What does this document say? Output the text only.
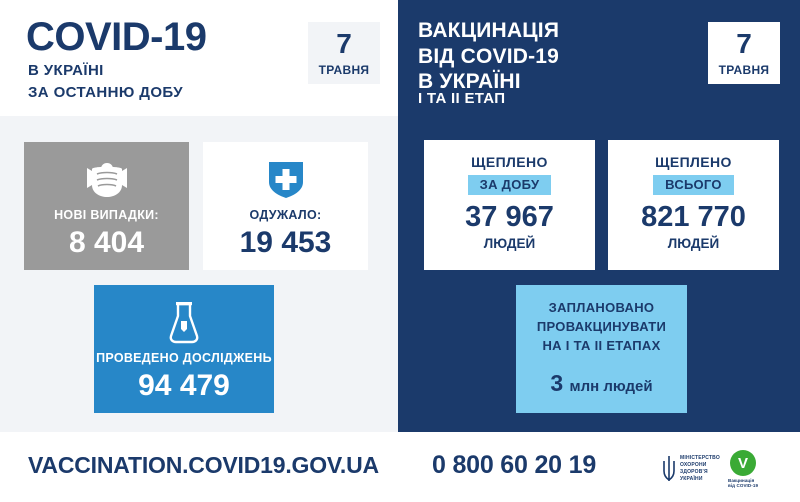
COVID-19
В УКРАЇНІ
ЗА ОСТАННЮ ДОБУ
7
ТРАВНЯ
ВАКЦИНАЦІЯ
ВІД COVID-19
В УКРАЇНІ
I ТА II ЕТАП
7
ТРАВНЯ
НОВІ ВИПАДКИ:
8 404
ОДУЖАЛО:
19 453
ПРОВЕДЕНО ДОСЛІДЖЕНЬ
94 479
ЩЕПЛЕНО
ЗА ДОБУ
37 967
ЛЮДЕЙ
ЩЕПЛЕНО
ВСЬОГО
821 770
ЛЮДЕЙ
ЗАПЛАНОВАНО
ПРОВАКЦИНУВАТИ
НА I ТА II ЕТАПАХ
3 млн людей
VACCINATION.COVID19.GOV.UA 0 800 60 20 19	МІНІСТЕРСТВО
ОХОРОНИ
ЗДОРОВ'Я
УКРАЇНИ
V
Вакцинація
від COVID-19
